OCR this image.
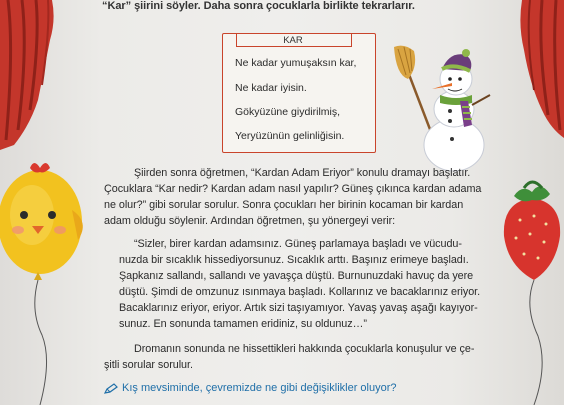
“Kar” şiirini söyler. Daha sonra çocuklarla birlikte tekrarlarır.
KAR
Ne kadar yumuşaksın kar,
Ne kadar iyisin.
Gökyüzüne giydirilmiş,
Yeryüzünün gelinliğisin.
Şiirden sonra öğretmen, “Kardan Adam Eriyor” konulu dramayı başlatır.
Çocuklara “Kar nedir? Kardan adam nasıl yapılır? Güneş çıkınca kardan adama
ne olur?” gibi sorular sorulur. Sonra çocukları her birinin kocaman bir kardan
adam olduğu söylenir. Ardından öğretmen, şu yönergeyi verir:
“Sizler, birer kardan adamsınız. Güneş parlamaya başladı ve vücudu-
nuzda bir sıcaklık hissediyorsunuz. Sıcaklık arttı. Başınız erimeye başladı.
Şapkanız sallandı, sallandı ve yavaşça düştü. Burnunuzdaki havuç da yere
düştü. Şimdi de omzunuz ısınmaya başladı. Kollarınız ve bacaklarınız eriyor.
Bacaklarınız eriyor, eriyor. Artık sizi taşıyamıyor. Yavaş yavaş aşağı kayıyor-
sunuz. En sonunda tamamen eridiniz, su oldunuz…”
Dromanın sonunda ne hissettikleri hakkında çocuklarla konuşulur ve çe-
şitli sorular sorulur.
Kış mevsiminde, çevremizde ne gibi değişiklikler oluyor?
